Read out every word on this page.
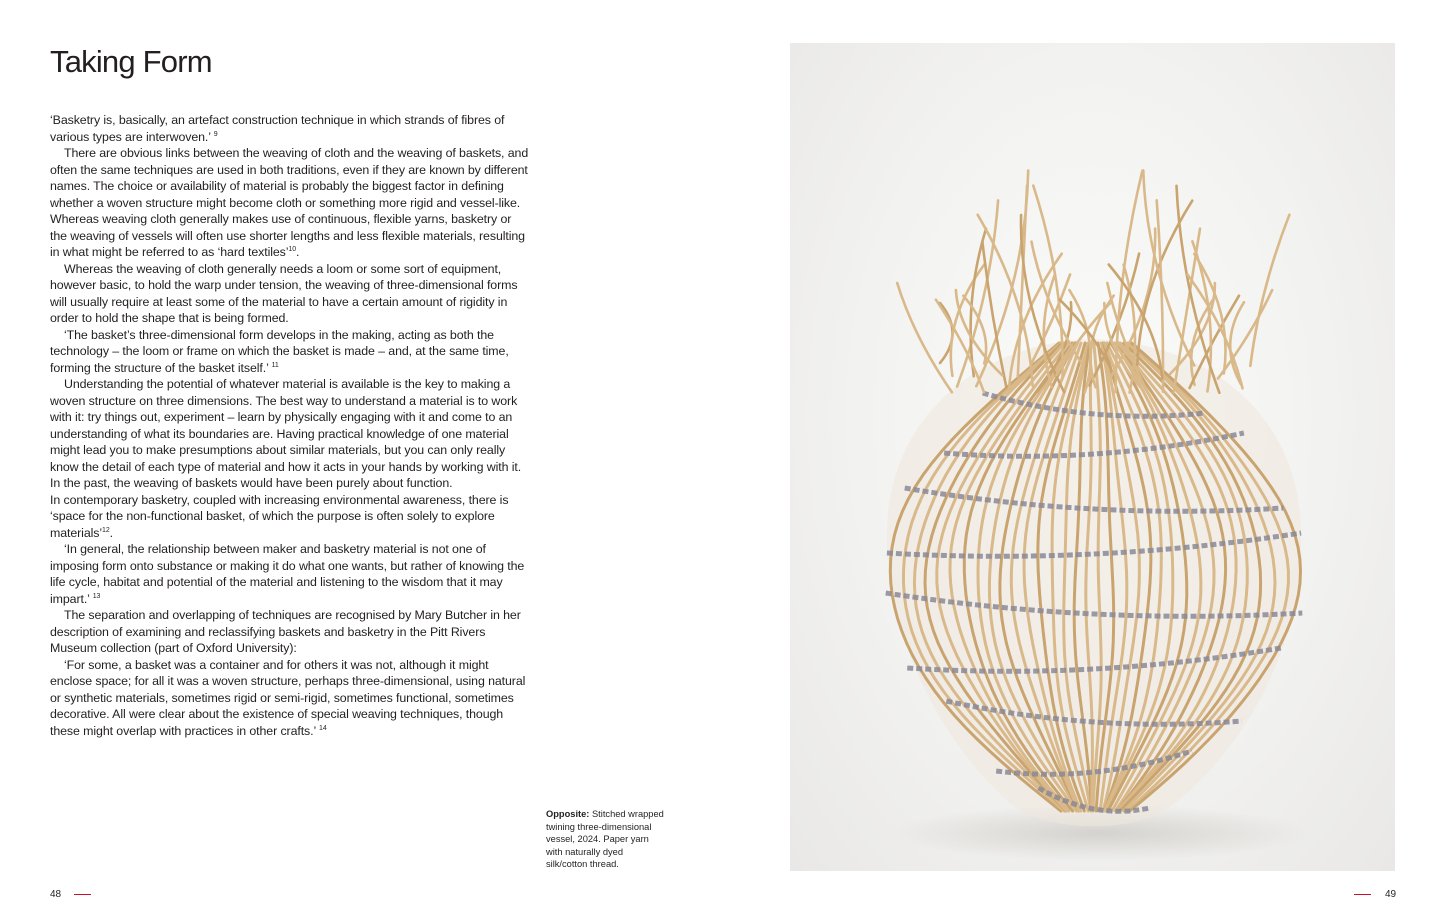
Taking Form

‘Basketry is, basically, an artefact construction technique in which strands of fibres of various types are interwoven.’ $^9$

There are obvious links between the weaving of cloth and the weaving of baskets, and often the same techniques are used in both traditions, even if they are known by different names. The choice or availability of material is probably the biggest factor in defining whether a woven structure might become cloth or something more rigid and vessel-like. Whereas weaving cloth generally makes use of continuous, flexible yarns, basketry or the weaving of vessels will often use shorter lengths and less flexible materials, resulting in what might be referred to as ‘hard textiles’$^{10}$.

Whereas the weaving of cloth generally needs a loom or some sort of equipment, however basic, to hold the warp under tension, the weaving of three-dimensional forms will usually require at least some of the material to have a certain amount of rigidity in order to hold the shape that is being formed.

‘The basket’s three-dimensional form develops in the making, acting as both the technology – the loom or frame on which the basket is made – and, at the same time, forming the structure of the basket itself.’ $^{11}$

Understanding the potential of whatever material is available is the key to making a woven structure on three dimensions. The best way to understand a material is to work with it: try things out, experiment – learn by physically engaging with it and come to an understanding of what its boundaries are. Having practical knowledge of one material might lead you to make presumptions about similar materials, but you can only really know the detail of each type of material and how it acts in your hands by working with it. In the past, the weaving of baskets would have been purely about function.

In contemporary basketry, coupled with increasing environmental awareness, there is ‘space for the non-functional basket, of which the purpose is often solely to explore materials’$^{12}$.

‘In general, the relationship between maker and basketry material is not one of imposing form onto substance or making it do what one wants, but rather of knowing the life cycle, habitat and potential of the material and listening to the wisdom that it may impart.’ $^{13}$

The separation and overlapping of techniques are recognised by Mary Butcher in her description of examining and reclassifying baskets and basketry in the Pitt Rivers Museum collection (part of Oxford University):

‘For some, a basket was a container and for others it was not, although it might enclose space; for all it was a woven structure, perhaps three-dimensional, using natural or synthetic materials, sometimes rigid or semi-rigid, sometimes functional, sometimes decorative. All were clear about the existence of special weaving techniques, though these might overlap with practices in other crafts.’ $^{14}$

Opposite: Stitched wrapped twining three-dimensional vessel, 2024. Paper yarn with naturally dyed silk/cotton thread.
48	49
